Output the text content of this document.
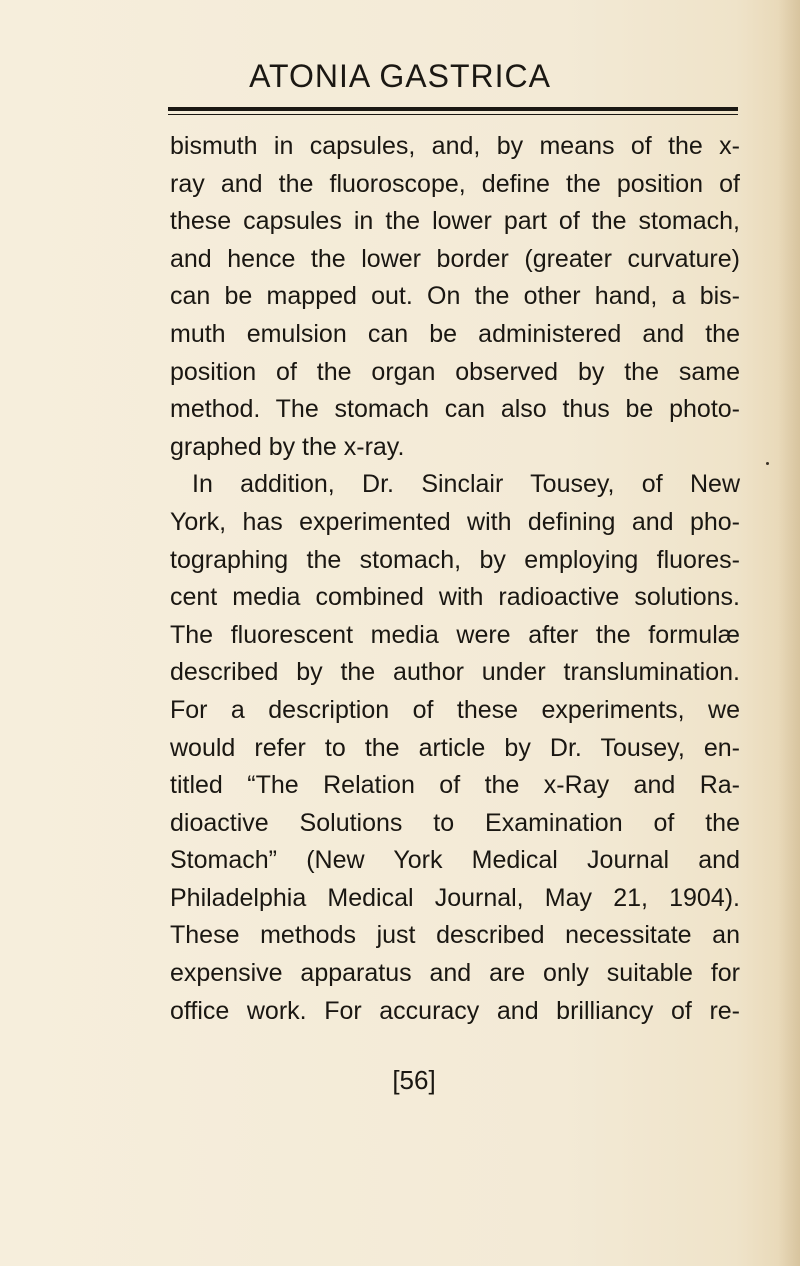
ATONIA GASTRICA
bismuth in capsules, and, by means of the x-
ray and the fluoroscope, define the position of
these capsules in the lower part of the stomach,
and hence the lower border (greater curvature)
can be mapped out. On the other hand, a bis-
muth emulsion can be administered and the
position of the organ observed by the same
method. The stomach can also thus be photo-
graphed by the x-ray.
In addition, Dr. Sinclair Tousey, of New
York, has experimented with defining and pho-
tographing the stomach, by employing fluores-
cent media combined with radioactive solutions.
The fluorescent media were after the formulæ
described by the author under translumination.
For a description of these experiments, we
would refer to the article by Dr. Tousey, en-
titled “The Relation of the x-Ray and Ra-
dioactive Solutions to Examination of the
Stomach” (New York Medical Journal and
Philadelphia Medical Journal, May 21, 1904).
These methods just described necessitate an
expensive apparatus and are only suitable for
office work. For accuracy and brilliancy of re-
[56]
